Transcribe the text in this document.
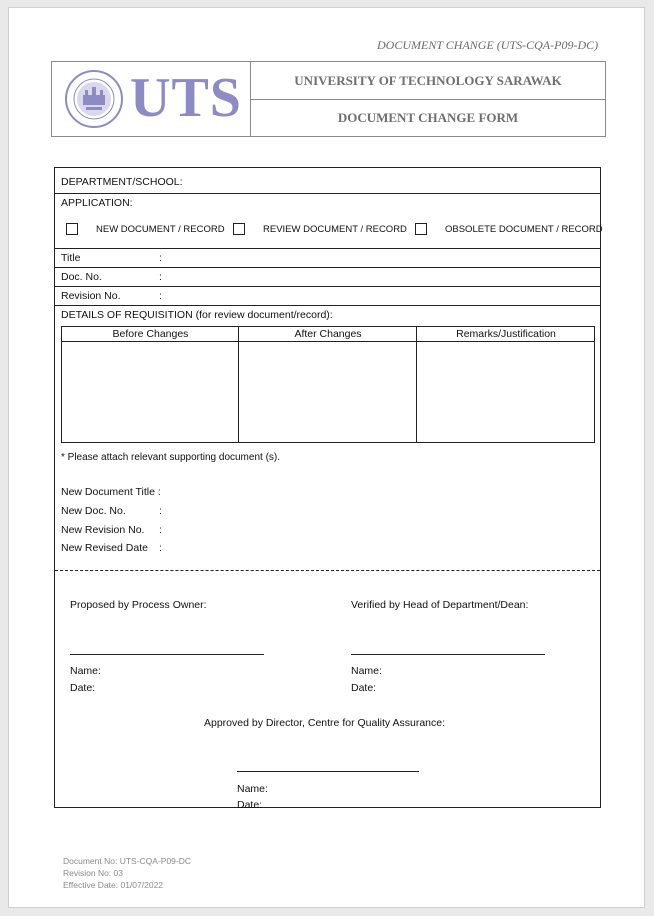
DOCUMENT CHANGE (UTS-CQA-P09-DC)
UTS	UNIVERSITY OF TECHNOLOGY SARAWAK
DOCUMENT CHANGE FORM
DEPARTMENT/SCHOOL:
APPLICATION:
NEW DOCUMENT / RECORD	REVIEW DOCUMENT / RECORD	OBSOLETE DOCUMENT / RECORD
Title	:
Doc. No.	:
Revision No.	:
DETAILS OF REQUISITION (for review document/record):
Before Changes	After Changes	Remarks/Justification
* Please attach relevant supporting document (s).
New Document Title :
New Doc. No.	:
New Revision No. :
New Revised Date :
Proposed by Process Owner:	Verified by Head of Department/Dean:
Name:
Date:
Name:
Date:
Approved by Director, Centre for Quality Assurance:
Name:
Date:
Document No: UTS-CQA-P09-DC
Revision No: 03
Effective Date: 01/07/2022
